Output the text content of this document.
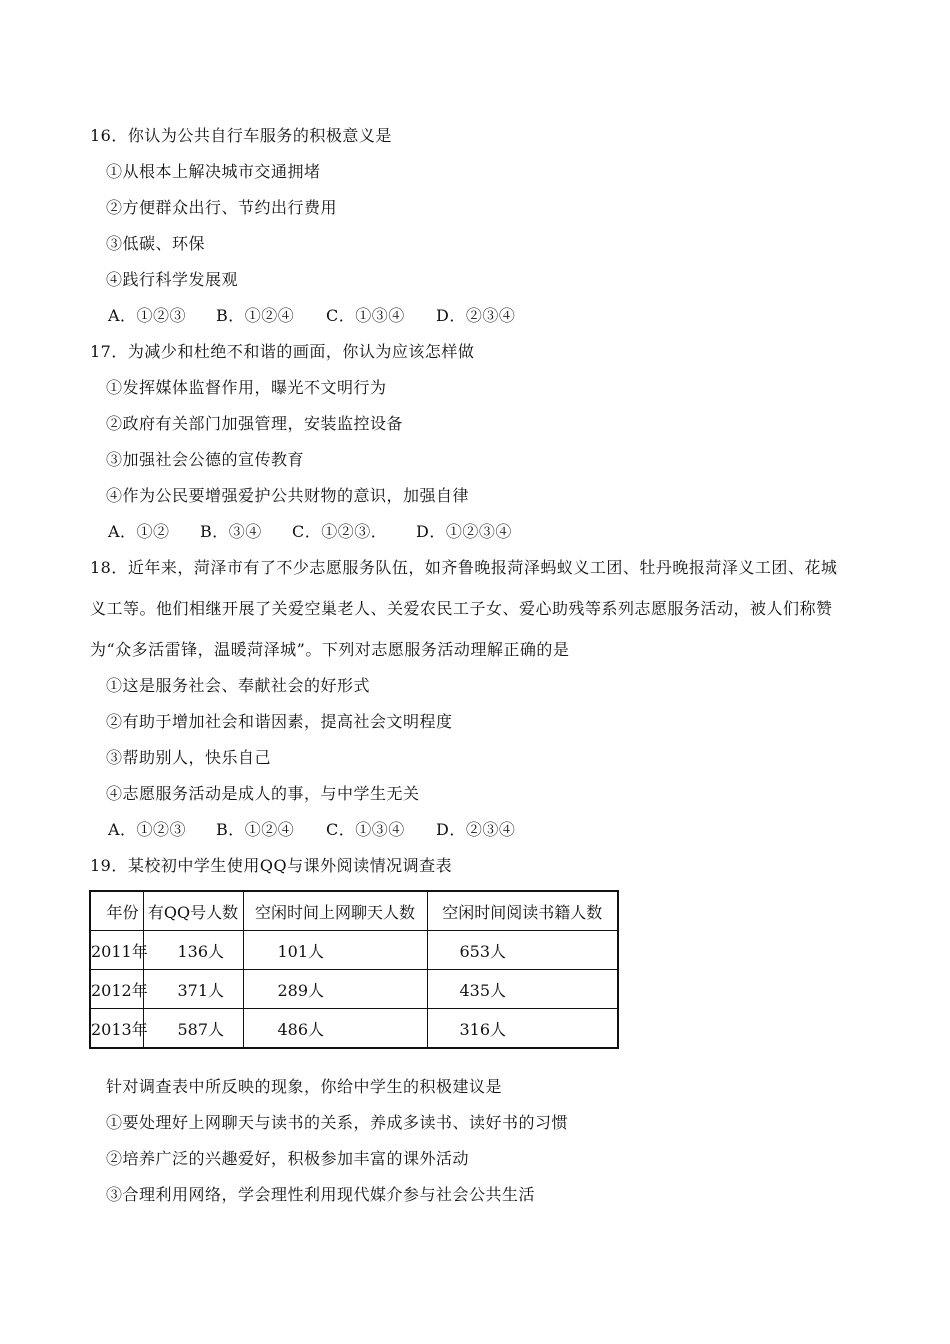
16．你认为公共自行车服务的积极意义是
①从根本上解决城市交通拥堵
②方便群众出行、节约出行费用
③低碳、环保
④践行科学发展观
A．①②③ B．①②④ C．①③④ D．②③④
17．为减少和杜绝不和谐的画面，你认为应该怎样做
①发挥媒体监督作用，曝光不文明行为
②政府有关部门加强管理，安装监控设备
③加强社会公德的宣传教育
④作为公民要增强爱护公共财物的意识，加强自律
A．①② B．③④ C．①②③． D．①②③④
18．近年来，菏泽市有了不少志愿服务队伍，如齐鲁晚报菏泽蚂蚁义工团、牡丹晚报菏泽义工团、花城
义工等。他们相继开展了关爱空巢老人、关爱农民工子女、爱心助残等系列志愿服务活动，被人们称赞
为“众多活雷锋，温暖菏泽城”。下列对志愿服务活动理解正确的是
①这是服务社会、奉献社会的好形式
②有助于增加社会和谐因素，提高社会文明程度
③帮助别人，快乐自己
④志愿服务活动是成人的事，与中学生无关
A．①②③ B．①②④ C．①③④ D．②③④
19．某校初中学生使用QQ与课外阅读情况调查表
年份	有QQ号人数	空闲时间上网聊天人数	空闲时间阅读书籍人数
2011年	136人	101人	653人
2012年	371人	289人	435人
2013年	587人	486人	316人
针对调查表中所反映的现象，你给中学生的积极建议是
①要处理好上网聊天与读书的关系，养成多读书、读好书的习惯
②培养广泛的兴趣爱好，积极参加丰富的课外活动
③合理利用网络，学会理性利用现代媒介参与社会公共生活
